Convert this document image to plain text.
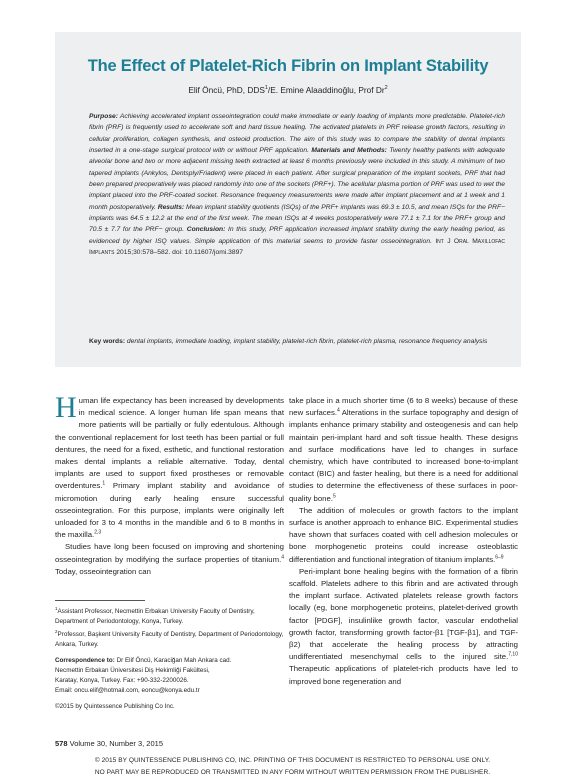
The Effect of Platelet-Rich Fibrin on Implant Stability
Elif Öncü, PhD, DDS$^1$/E. Emine Alaaddinoğlu, Prof Dr$^2$
Purpose: Achieving accelerated implant osseointegration could make immediate or early loading of implants more predictable. Platelet-rich fibrin (PRF) is frequently used to accelerate soft and hard tissue healing. The activated platelets in PRF release growth factors, resulting in cellular proliferation, collagen synthesis, and osteoid production. The aim of this study was to compare the stability of dental implants inserted in a one-stage surgical protocol with or without PRF application. Materials and Methods: Twenty healthy patients with adequate alveolar bone and two or more adjacent missing teeth extracted at least 6 months previously were included in this study. A minimum of two tapered implants (Ankylos, Dentsply/Friadent) were placed in each patient. After surgical preparation of the implant sockets, PRF that had been prepared preoperatively was placed randomly into one of the sockets (PRF+). The acellular plasma portion of PRF was used to wet the implant placed into the PRF-coated socket. Resonance frequency measurements were made after implant placement and at 1 week and 1 month postoperatively. Results: Mean implant stability quotients (ISQs) of the PRF+ implants was 69.3 ± 10.5, and mean ISQs for the PRF− implants was 64.5 ± 12.2 at the end of the first week. The mean ISQs at 4 weeks postoperatively were 77.1 ± 7.1 for the PRF+ group and 70.5 ± 7.7 for the PRF− group. Conclusion: In this study, PRF application increased implant stability during the early healing period, as evidenced by higher ISQ values. Simple application of this material seems to provide faster osseointegration. Int J Oral Maxillofac Implants 2015;30:578–582. doi: 10.11607/jomi.3897
Key words: dental implants, immediate loading, implant stability, platelet-rich fibrin, platelet-rich plasma, resonance frequency analysis

Human life expectancy has been increased by developments in medical science. A longer human life span means that more patients will be partially or fully edentulous. Although the conventional replacement for lost teeth has been partial or full dentures, the need for a fixed, esthetic, and functional restoration makes dental implants a reliable alternative. Today, dental implants are used to support fixed prostheses or removable overdentures.$^1$ Primary implant stability and avoidance of micromotion during early healing ensure successful osseointegration. For this purpose, implants were originally left unloaded for 3 to 4 months in the mandible and 6 to 8 months in the maxilla.$^{2,3}$

Studies have long been focused on improving and shortening osseointegration by modifying the surface properties of titanium.$^4$ Today, osseointegration can

take place in a much shorter time (6 to 8 weeks) because of these new surfaces.$^4$ Alterations in the surface topography and design of implants enhance primary stability and osteogenesis and can help maintain peri-implant hard and soft tissue health. These designs and surface modifications have led to changes in surface chemistry, which have contributed to increased bone-to-implant contact (BIC) and faster healing, but there is a need for additional studies to determine the effectiveness of these surfaces in poor-quality bone.$^5$

The addition of molecules or growth factors to the implant surface is another approach to enhance BIC. Experimental studies have shown that surfaces coated with cell adhesion molecules or bone morphogenetic proteins could increase osteoblastic differentiation and functional integration of titanium implants.$^{6-9}$

Peri-implant bone healing begins with the formation of a fibrin scaffold. Platelets adhere to this fibrin and are activated through the implant surface. Activated platelets release growth factors locally (eg, bone morphogenetic proteins, platelet-derived growth factor [PDGF], insulinlike growth factor, vascular endothelial growth factor, transforming growth factor-β1 [TGF-β1], and TGF-β2) that accelerate the healing process by attracting undifferentiated mesenchymal cells to the injured site.$^{7,10}$ Therapeutic applications of platelet-rich products have led to improved bone regeneration and

$^1$Assistant Professor, Necmettin Erbakan University Faculty of Dentistry, Department of Periodontology, Konya, Turkey.

$^2$Professor, Başkent University Faculty of Dentistry, Department of Periodontology, Ankara, Turkey.

Correspondence to: Dr Elif Öncü, Karaciğan Mah Ankara cad.

Necmettin Erbakan Üniversitesi Diş Hekimliği Fakültesi,

Karatay, Konya, Turkey. Fax: +90-332-2200026.

Email: oncu.elif@hotmail.com, eoncu@konya.edu.tr

©2015 by Quintessence Publishing Co Inc.

578 Volume 30, Number 3, 2015
© 2015 BY QUINTESSENCE PUBLISHING CO, INC. PRINTING OF THIS DOCUMENT IS RESTRICTED TO PERSONAL USE ONLY.
NO PART MAY BE REPRODUCED OR TRANSMITTED IN ANY FORM WITHOUT WRITTEN PERMISSION FROM THE PUBLISHER.
